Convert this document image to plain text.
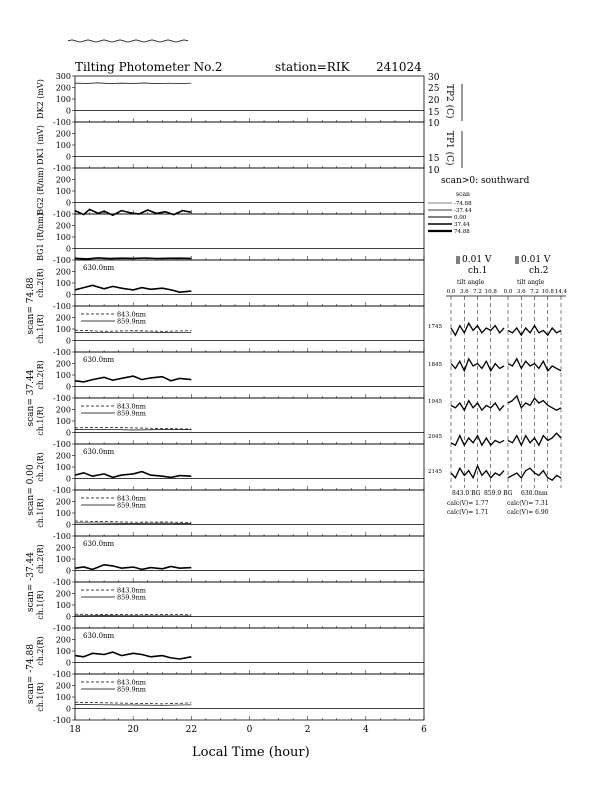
Tilting Photometer No.2	station=RIK 241024
30
25
20
15
10
15
10
TP2 (C)
TP1 (C)
300
200
100
0
-100
DK2 (mV)
200
100
0
-100
DK1 (mV)
200
100
0
-100
BG2 (R/nm)
200
100
0
-100
BG1 (R/nm)
200
100
0
-100
ch.2(R)
630.0nm
200
100
0
-100
ch.1(R)	843.0nm
859.9nm
200
100
0
-100
ch.2(R)
630.0nm
200
100
0
-100
ch.1(R)	843.0nm
859.9nm
200
100
0
-100
ch.2(R)
630.0nm
200
100
0
-100
ch.1(R)	843.0nm
859.9nm
200
100
0
-100
ch.2(R)
630.0nm
200
100
0
-100
ch.1(R)	843.0nm
859.9nm
200
100
0
-100
ch.2(R)
630.0nm
200
100
0
-100
ch.1(R)	843.0nm
859.9nm
scan= 74.88
scan= 37.44
scan= 0.00
scan= -37.44
scan= -74.88
18	20	22	0	2	4	6
Local Time (hour)
scan>0: southward
scan
-74.88
-37.44
0.00
37.44
74.88
0.01 V
ch.1
0.01 V
ch.2
tilt angle	tilt angle
0.0 3.6 7.2 10.8 0.0 3.6 7.2 10.8 14.4
1745
1845
1945
2045
2145
843.0 BG 859.9 BG 630.0nm
calc(V)= 1.77
calc(V)= 1.71
calc(V)= 7.31
calc(V)= 6.90
